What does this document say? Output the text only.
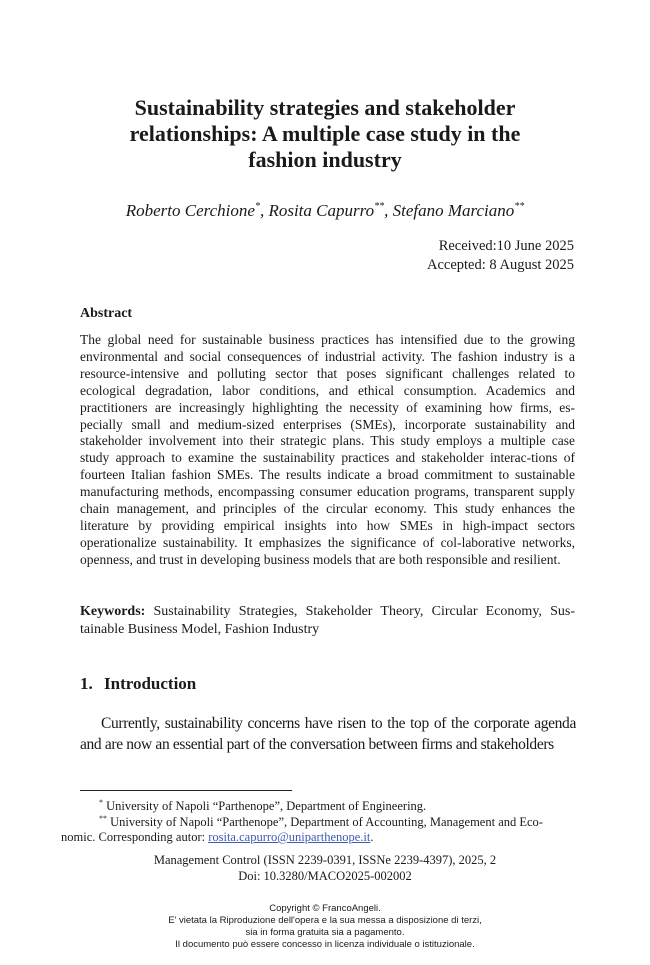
Sustainability strategies and stakeholder
relationships: A multiple case study in the
fashion industry

Roberto Cerchione*, Rosita Capurro**, Stefano Marciano**

Received:10 June 2025
Accepted: 8 August 2025
Abstract

The global need for sustainable business practices has intensified due to the growing environmental and social consequences of industrial activity. The fashion industry is a resource-intensive and polluting sector that poses significant challenges related to ecological degradation, labor conditions, and ethical consumption. Academics and practitioners are increasingly highlighting the necessity of examining how firms, es-pecially small and medium-sized enterprises (SMEs), incorporate sustainability and stakeholder involvement into their strategic plans. This study employs a multiple case study approach to examine the sustainability practices and stakeholder interac-tions of fourteen Italian fashion SMEs. The results indicate a broad commitment to sustainable manufacturing methods, encompassing consumer education programs, transparent supply chain management, and principles of the circular economy. This study enhances the literature by providing empirical insights into how SMEs in high-impact sectors operationalize sustainability. It emphasizes the significance of col-laborative networks, openness, and trust in developing business models that are both responsible and resilient.

Keywords: Sustainability Strategies, Stakeholder Theory, Circular Economy, Sus-tainable Business Model, Fashion Industry

1. Introduction

Currently, sustainability concerns have risen to the top of the corporate agenda and are now an essential part of the conversation between firms and stakeholders

* University of Napoli “Parthenope”, Department of Engineering.

** University of Napoli “Parthenope”, Department of Accounting, Management and Eco-
nomic. Corresponding autor: rosita.capurro@uniparthenope.it.

Management Control (ISSN 2239-0391, ISSNe 2239-4397), 2025, 2
Doi: 10.3280/MACO2025-002002
Copyright © FrancoAngeli.
E' vietata la Riproduzione dell'opera e la sua messa a disposizione di terzi,
sia in forma gratuita sia a pagamento.
Il documento può essere concesso in licenza individuale o istituzionale.
